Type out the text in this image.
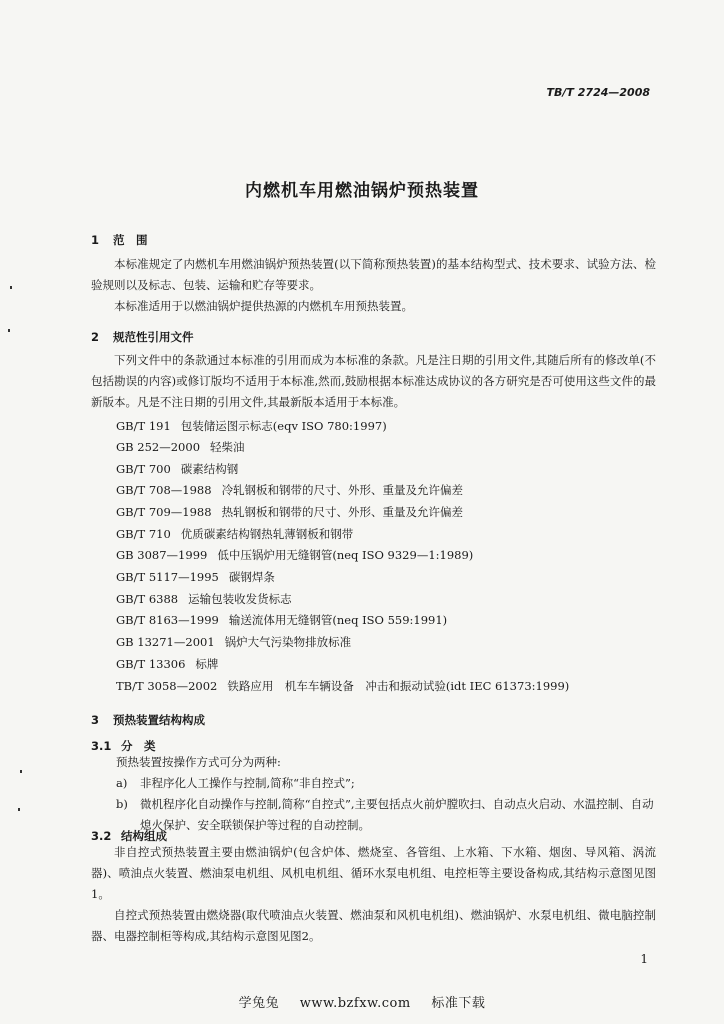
TB/T 2724—2008
内燃机车用燃油锅炉预热装置
1 范　围
本标准规定了内燃机车用燃油锅炉预热装置(以下简称预热装置)的基本结构型式、技术要求、试验方法、检验规则以及标志、包装、运输和贮存等要求。
本标准适用于以燃油锅炉提供热源的内燃机车用预热装置。
2 规范性引用文件
下列文件中的条款通过本标准的引用而成为本标准的条款。凡是注日期的引用文件,其随后所有的修改单(不包括勘误的内容)或修订版均不适用于本标准,然而,鼓励根据本标准达成协议的各方研究是否可使用这些文件的最新版本。凡是不注日期的引用文件,其最新版本适用于本标准。
GB/T 191 包装储运图示标志(eqv ISO 780:1997)
GB 252—2000 轻柴油
GB/T 700 碳素结构钢
GB/T 708—1988 冷轧钢板和钢带的尺寸、外形、重量及允许偏差
GB/T 709—1988 热轧钢板和钢带的尺寸、外形、重量及允许偏差
GB/T 710 优质碳素结构钢热轧薄钢板和钢带
GB 3087—1999 低中压锅炉用无缝钢管(neq ISO 9329—1:1989)
GB/T 5117—1995 碳钢焊条
GB/T 6388 运输包装收发货标志
GB/T 8163—1999 输送流体用无缝钢管(neq ISO 559:1991)
GB 13271—2001 锅炉大气污染物排放标准
GB/T 13306 标牌
TB/T 3058—2002 铁路应用　机车车辆设备　冲击和振动试验(idt IEC 61373:1999)
3 预热装置结构构成
3.1 分　类
预热装置按操作方式可分为两种:
a) 非程序化人工操作与控制,简称“非自控式”;
b) 微机程序化自动操作与控制,简称“自控式”,主要包括点火前炉膛吹扫、自动点火启动、水温控制、自动熄火保护、安全联锁保护等过程的自动控制。
3.2 结构组成
非自控式预热装置主要由燃油锅炉(包含炉体、燃烧室、各管组、上水箱、下水箱、烟囱、导风箱、涡流器)、喷油点火装置、燃油泵电机组、风机电机组、循环水泵电机组、电控柜等主要设备构成,其结构示意图见图1。
自控式预热装置由燃烧器(取代喷油点火装置、燃油泵和风机电机组)、燃油锅炉、水泵电机组、微电脑控制器、电器控制柜等构成,其结构示意图见图2。
1
学兔兔 www.bzfxw.com 标准下载
